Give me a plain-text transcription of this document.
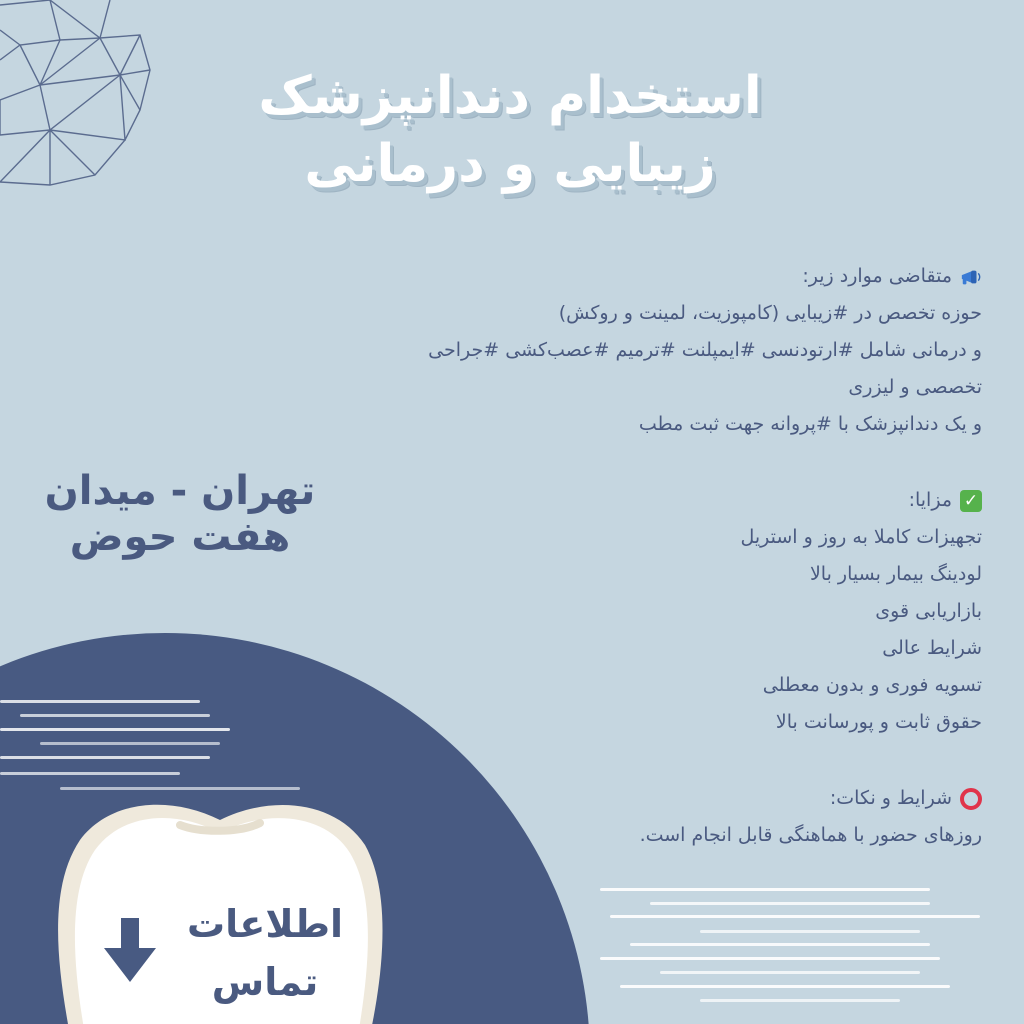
استخدام دندانپزشک
زیبایی و درمانی
متقاضی موارد زیر:
حوزه تخصص در #زیبایی (کامپوزیت، لمینت و روکش)
و درمانی شامل #ارتودنسی #ایمپلنت #ترمیم #عصب‌کشی #جراحی
تخصصی و لیزری
و یک دندانپزشک با #پروانه جهت ثبت مطب
✓
مزایا:
تجهیزات کاملا به روز و استریل
لودینگ بیمار بسیار بالا
بازاریابی قوی
شرایط عالی
تسویه فوری و بدون معطلی
حقوق ثابت و پورسانت بالا
شرایط و نکات:
روزهای حضور با هماهنگی قابل انجام است.
تهران - میدان
هفت حوض
اطلاعات
تماس
